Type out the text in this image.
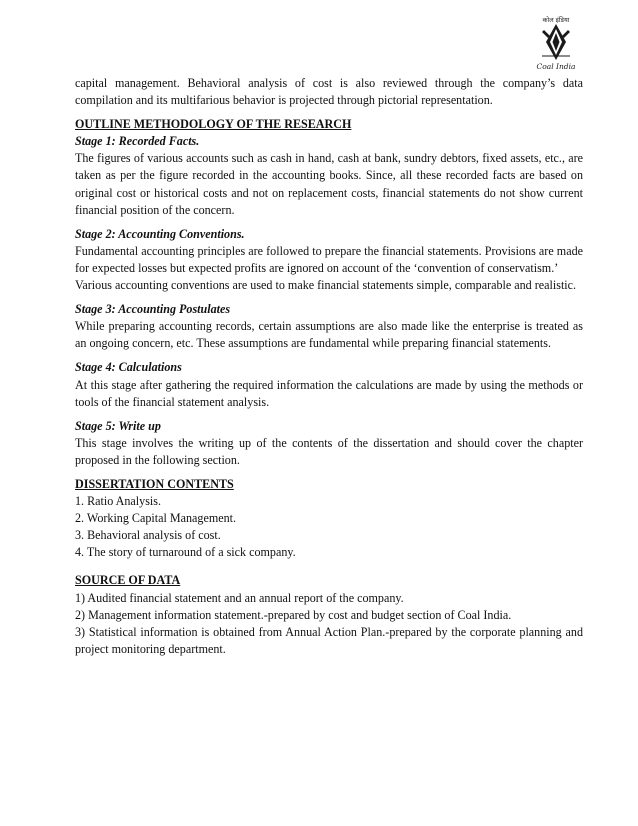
कोल इंडिया
Coal India

capital management. Behavioral analysis of cost is also reviewed through the company’s data compilation and its multifarious behavior is projected through pictorial representation.

OUTLINE METHODOLOGY OF THE RESEARCH

Stage 1: Recorded Facts.

The figures of various accounts such as cash in hand, cash at bank, sundry debtors, fixed assets, etc., are taken as per the figure recorded in the accounting books. Since, all these recorded facts are based on original cost or historical costs and not on replacement costs, financial statements do not show current financial position of the concern.

Stage 2: Accounting Conventions.

Fundamental accounting principles are followed to prepare the financial statements. Provisions are made for expected losses but expected profits are ignored on account of the ‘convention of conservatism.’

Various accounting conventions are used to make financial statements simple, comparable and realistic.

Stage 3: Accounting Postulates

While preparing accounting records, certain assumptions are also made like the enterprise is treated as an ongoing concern, etc. These assumptions are fundamental while preparing financial statements.

Stage 4: Calculations

At this stage after gathering the required information the calculations are made by using the methods or tools of the financial statement analysis.

Stage 5: Write up

This stage involves the writing up of the contents of the dissertation and should cover the chapter proposed in the following section.

DISSERTATION CONTENTS

1. Ratio Analysis.
2. Working Capital Management.
3. Behavioral analysis of cost.
4. The story of turnaround of a sick company.

SOURCE OF DATA

1) Audited financial statement and an annual report of the company.

2) Management information statement.-prepared by cost and budget section of Coal India.

3) Statistical information is obtained from Annual Action Plan.-prepared by the corporate planning and project monitoring department.
